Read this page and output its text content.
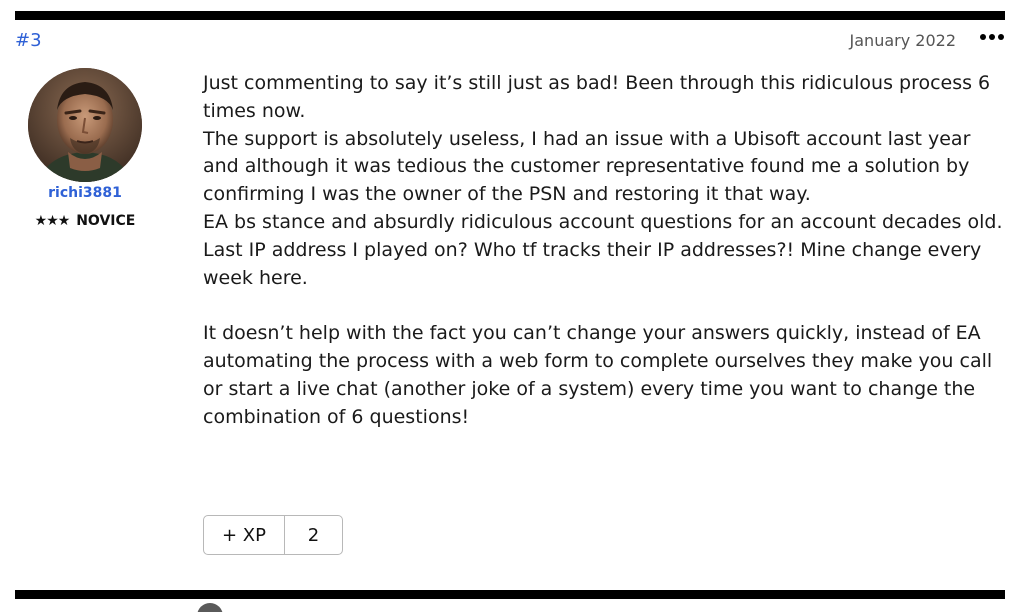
#3	January 2022
richi3881
★★★ NOVICE

Just commenting to say it’s still just as bad! Been through this ridiculous process 6 times now.

The support is absolutely useless, I had an issue with a Ubisoft account last year and although it was tedious the customer representative found me a solution by confirming I was the owner of the PSN and restoring it that way.

EA bs stance and absurdly ridiculous account questions for an account decades old. Last IP address I played on? Who tf tracks their IP addresses?! Mine change every week here.

It doesn’t help with the fact you can’t change your answers quickly, instead of EA automating the process with a web form to complete ourselves they make you call or start a live chat (another joke of a system) every time you want to change the combination of 6 questions!

+ XP	2
